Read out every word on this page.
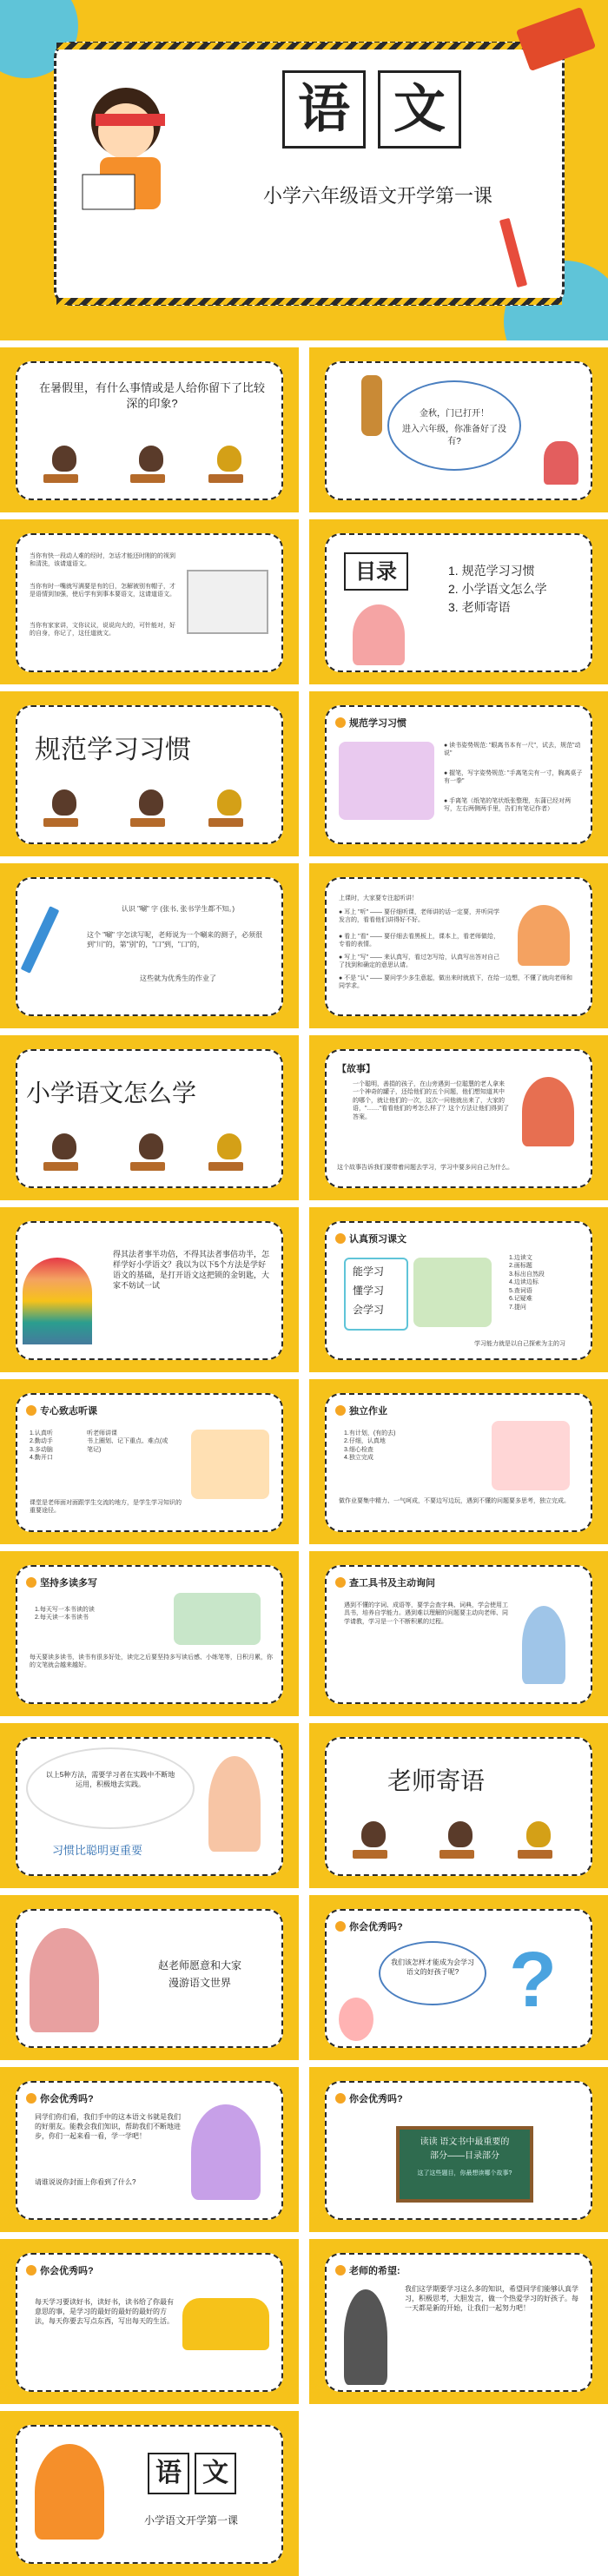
语 文
小学六年级语文开学第一课
在暑假里，有什么事情或是人给你留下了比较深的印象?
金秋，门已打开！
进入六年级，你准备好了没有?
当你有快一段动人难的经时，怎话才能还时刚的的视到和清洗，该请道语文。
当你有时一嘴就写满要是有的日，怎解被别有帽子，才是语情到加强，使后学有到事本要语文，这请道语文。
当你有家家讲，文你议议，说说向大的，可针能对，好的自身，你记了，这任道就文。
目录	1. 规范学习习惯
2. 小学语文怎么学
3. 老师寄语
规范学习习惯
规范学习习惯
● 读书姿势规范: "眼离书本有一尺"，试去，规范"动说"
● 握笔，写字姿势规范: "手离笔尖有一寸，胸离桌子有一拳"
● 手离笔（纸笔的笔状纸张整理，东蒲已经对两写，左右两侧两手里，告们有笔记作者）
认识 "唰" 字 (张书, 张书学生都不知。)
这个 "唰" 字怎读写呢，老师说为一个唰来的测子，必须很到"川"的，第"别"的，"口"到，"口"的，
这些就为优秀生的作业了
上课时，大家要专注起听讲！
● 耳上 "听" —— 要仔细听课，老师讲的话一定要，并听同学发言的，看看他们讲得好不好。
● 看上 "看" —— 要仔细去看黑板上，课本上，看老师做给，专看的表情。
● 写上 "写" —— 来认真写，看过怎写给，认真写出答对自己了找到和确定的意思认请。
● 不是 "认" —— 要问学少多生意起，做出来时就放下，在给一边想，不懂了就向老师和同学求。
小学语文怎么学
【故事】
一个聪明，善捐的孩子，在山旁遇到一位聪慧的老人拿来一个神奇的罐子，还给他们的五个问题，他们想知道其中的哪个，就让他们的一次，这次一问他就出来了，大家的语，"……"看看他们的考怎么样了？这个方法让他们得到了答案。
这个故事告诉我们要带着问题去学习，学习中要多问自己为什么。
得其法者事半功倍，不得其法者事倍功半，怎样学好小学语文？我以为以下5个方法是学好语文的基础，是打开语文这把锁的金钥匙，大家不妨试一试
认真预习课文
能学习
懂学习
会学习
1.边读文
2.画标题
3.标出自然段
4.边读边标
5.查词语
6.记疑难
7.提问
学习能力就是以自己探索为主的习
专心致志听课
1.认真听
2.勤动手
3.多动脑
4.勤开口
听老师讲课
书上圈划、记下重点、难点(或笔记)
课堂是老师面对面跟学生交流的地方，是学生学习知识的重要途径。
独立作业
1.有计划，(有的去)
2.仔细，认真地
3.细心检查
4.独立完成
做作业要集中精力、一气呵成，不要边写边玩，遇到不懂的问题要多思考，独立完成。
坚持多读多写
1.每天写一本书读的读
2.每天读一本书读书
每天要读多读书，读书有很多好处，读完之后要坚持多写读后感、小练笔等，日积月累，你的文笔就会越来越好。
查工具书及主动询问
遇到不懂的字词、成语等，要学会查字典、词典，学会使用工具书，培养自学能力。遇到难以理解的问题要主动向老师、同学请教，学习是一个不断积累的过程。
以上5种方法，需要学习者在实践中不断地运用，积极地去实践。
习惯比聪明更重要
老师寄语
赵老师愿意和大家
漫游语文世界
你会优秀吗?
我们该怎样才能成为会学习语文的好孩子呢? ?
你会优秀吗?
同学们你们看，我们手中的这本语文书就是我们的好朋友。能教会我们知识，帮助我们不断地进步，你们一起来看一看，学一学吧！
请谁说说你封面上你看到了什么?
你会优秀吗?
读读 语文书中最重要的
部分——目录部分
这了这些题目，你最想读哪个故事?
你会优秀吗?
每天学习要读好书，读好书，读书给了你最有意思的事，是学习的最好的最好的最好的方法，每天你要去写点东西，写出每天的生活。
老师的希望:
我们这学期要学习这么多的知识，希望同学们能够认真学习，积极思考，大胆发言，做一个热爱学习的好孩子。每一天都是新的开始，让我们一起努力吧！
语 文
小学语文开学第一课
